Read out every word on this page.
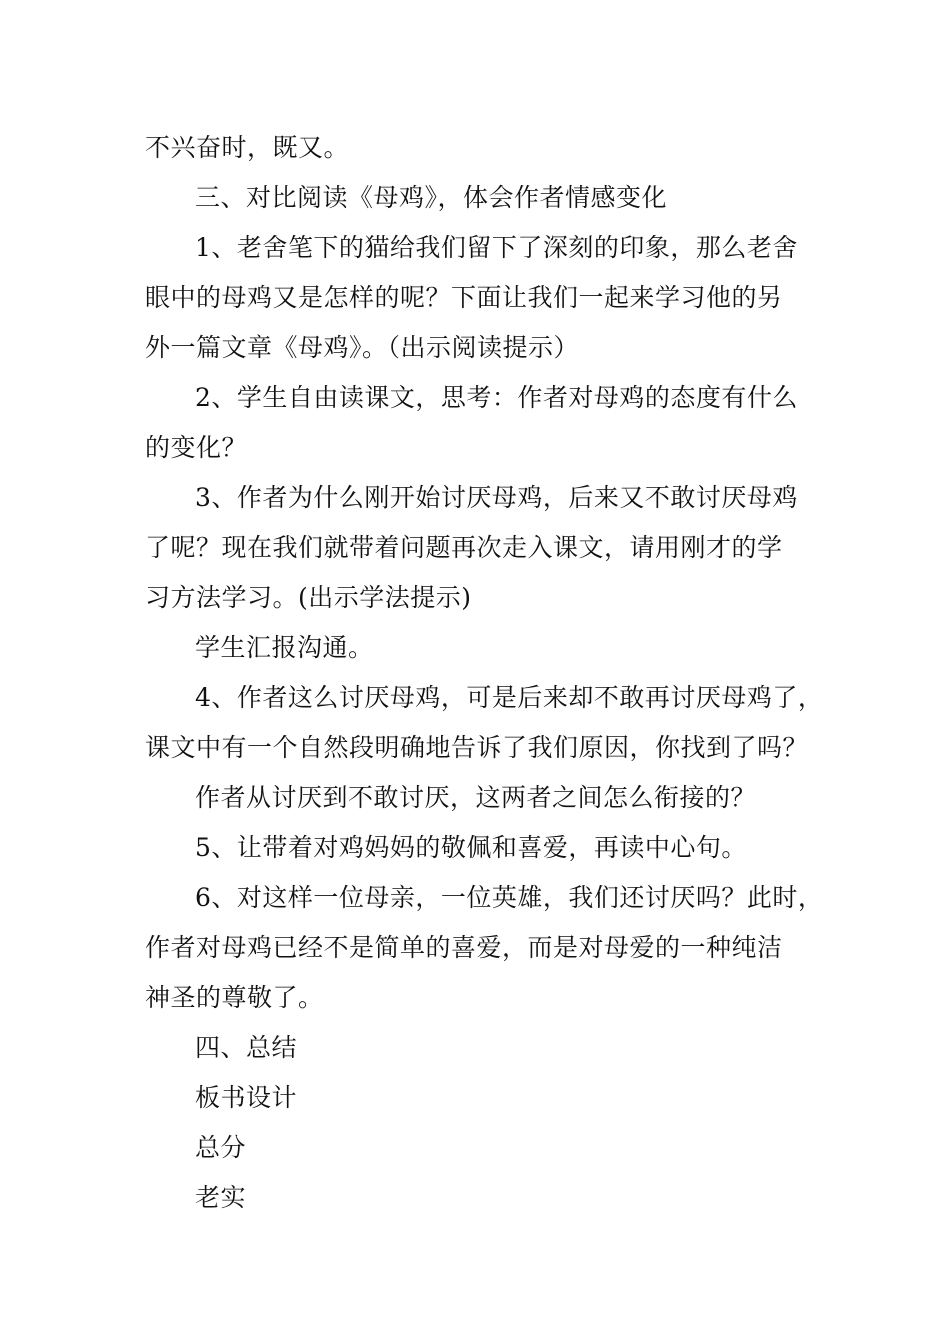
不兴奋时，既又。

三、对比阅读《母鸡》，体会作者情感变化

1、老舍笔下的猫给我们留下了深刻的印象，那么老舍

眼中的母鸡又是怎样的呢？下面让我们一起来学习他的另

外一篇文章《母鸡》。（出示阅读提示）

2、学生自由读课文，思考：作者对母鸡的态度有什么

的变化？

3、作者为什么刚开始讨厌母鸡，后来又不敢讨厌母鸡

了呢？现在我们就带着问题再次走入课文，请用刚才的学

习方法学习。(出示学法提示)

学生汇报沟通。

4、作者这么讨厌母鸡，可是后来却不敢再讨厌母鸡了，

课文中有一个自然段明确地告诉了我们原因，你找到了吗？

作者从讨厌到不敢讨厌，这两者之间怎么衔接的？

5、让带着对鸡妈妈的敬佩和喜爱，再读中心句。

6、对这样一位母亲，一位英雄，我们还讨厌吗？此时，

作者对母鸡已经不是简单的喜爱，而是对母爱的一种纯洁

神圣的尊敬了。

四、总结

板书设计

总分

老实
